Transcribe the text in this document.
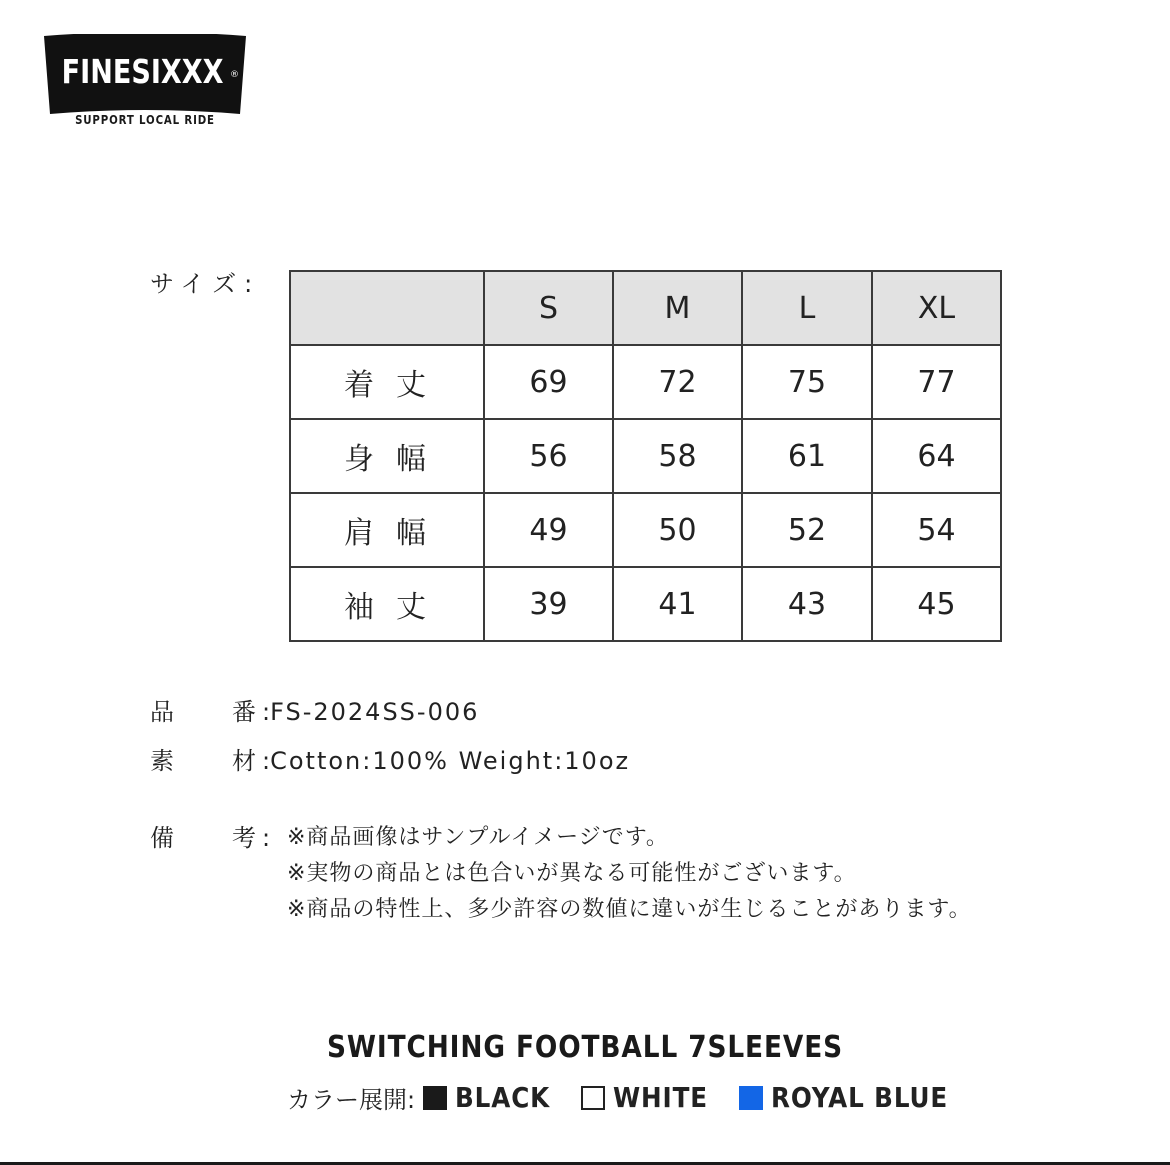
FINESIXXX ®
SUPPORT LOCAL RIDE
サイズ:
	S	M	L	XL
着丈	69	72	75	77
身幅	56	58	61	64
肩幅	49	50	52	54
袖丈	39	41	43	45
品 番 :FS-2024SS-006
素 材 :Cotton:100% Weight:10oz
備 考 : ※商品画像はサンプルイメージです。
※実物の商品とは色合いが異なる可能性がございます。
※商品の特性上、多少許容の数値に違いが生じることがあります。
SWITCHING FOOTBALL 7SLEEVES
カラー展開: BLACK WHITE ROYAL BLUE
